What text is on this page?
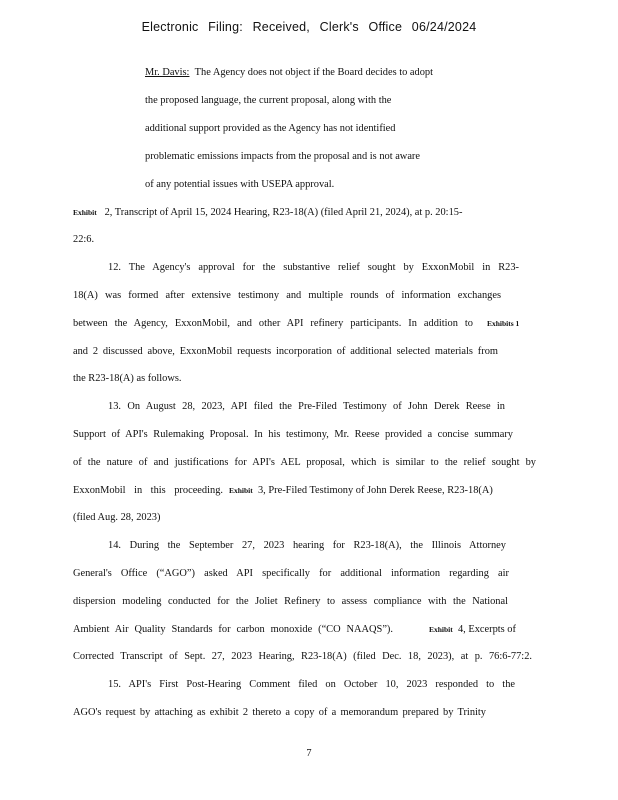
Electronic Filing: Received, Clerk's Office 06/24/2024
Mr. Davis: The Agency does not object if the Board decides to adopt
the proposed language, the current proposal, along with the
additional support provided as the Agency has not identified
problematic emissions impacts from the proposal and is not aware
of any potential issues with USEPA approval.
Exhibit 2, Transcript of April 15, 2024 Hearing, R23-18(A) (filed April 21, 2024), at p. 20:15-
22:6.
12. The Agency's approval for the substantive relief sought by ExxonMobil in R23-
18(A) was formed after extensive testimony and multiple rounds of information exchanges
between the Agency, ExxonMobil, and other API refinery participants. In addition to Exhibits 1
and 2 discussed above, ExxonMobil requests incorporation of additional selected materials from
the R23-18(A) as follows.
13. On August 28, 2023, API filed the Pre-Filed Testimony of John Derek Reese in
Support of API's Rulemaking Proposal. In his testimony, Mr. Reese provided a concise summary
of the nature of and justifications for API's AEL proposal, which is similar to the relief sought by
ExxonMobil in this proceeding. Exhibit 3, Pre-Filed Testimony of John Derek Reese, R23-18(A)
(filed Aug. 28, 2023)
14. During the September 27, 2023 hearing for R23-18(A), the Illinois Attorney
General's Office (“AGO”) asked API specifically for additional information regarding air
dispersion modeling conducted for the Joliet Refinery to assess compliance with the National
Ambient Air Quality Standards for carbon monoxide (“CO NAAQS”).	Exhibit 4, Excerpts of
Corrected Transcript of Sept. 27, 2023 Hearing, R23-18(A) (filed Dec. 18, 2023), at p. 76:6-77:2.
15. API's First Post-Hearing Comment filed on October 10, 2023 responded to the
AGO's request by attaching as exhibit 2 thereto a copy of a memorandum prepared by Trinity
7
